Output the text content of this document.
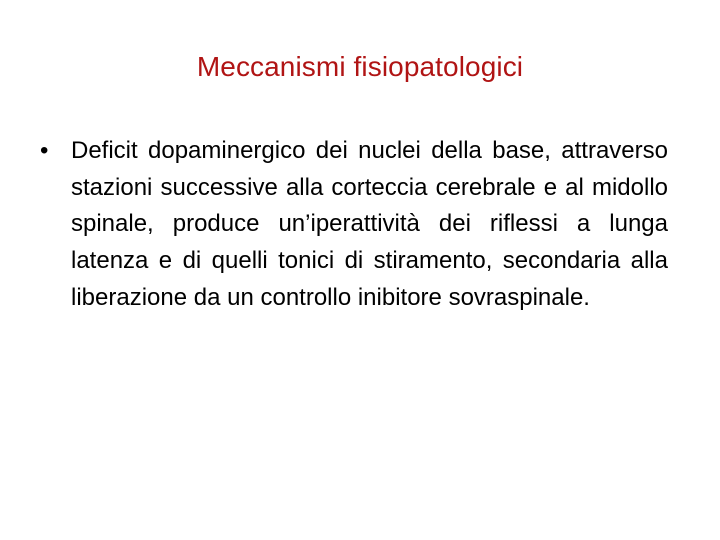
Meccanismi fisiopatologici
• Deficit dopaminergico dei nuclei della base, attraverso stazioni successive alla corteccia cerebrale e al midollo spinale, produce un’iperattività dei riflessi a lunga latenza e di quelli tonici di stiramento, secondaria alla liberazione da un controllo inibitore sovraspinale.
